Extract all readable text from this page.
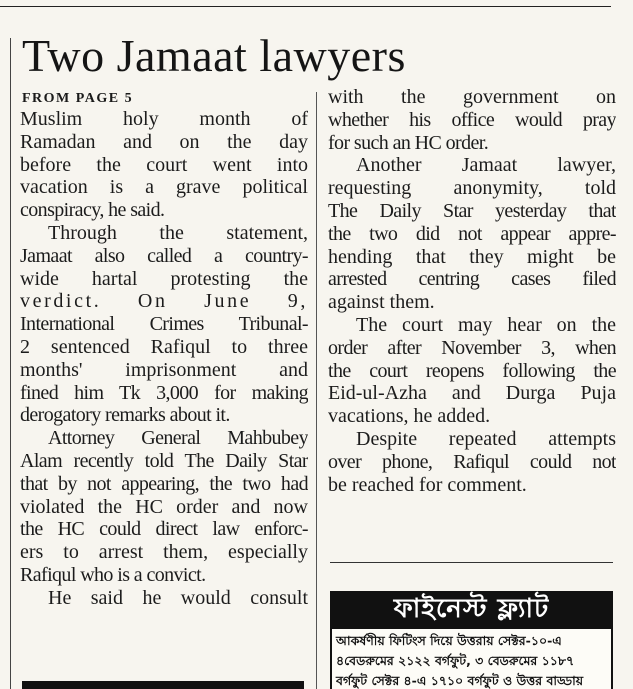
Two Jamaat lawyers
FROM PAGE 5
Muslim holy month of
Ramadan and on the day
before the court went into
vacation is a grave political
conspiracy, he said.
Through the statement,
Jamaat also called a country-
wide hartal protesting the
verdict. On June 9,
International Crimes Tribunal-
2 sentenced Rafiqul to three
months' imprisonment and
fined him Tk 3,000 for making
derogatory remarks about it.
Attorney General Mahbubey
Alam recently told The Daily Star
that by not appearing, the two had
violated the HC order and now
the HC could direct law enforc-
ers to arrest them, especially
Rafiqul who is a convict.
He said he would consult
with the government on
whether his office would pray
for such an HC order.
Another Jamaat lawyer,
requesting anonymity, told
The Daily Star yesterday that
the two did not appear appre-
hending that they might be
arrested centring cases filed
against them.
The court may hear on the
order after November 3, when
the court reopens following the
Eid-ul-Azha and Durga Puja
vacations, he added.
Despite repeated attempts
over phone, Rafiqul could not
be reached for comment.
ফাইনেস্ট ফ্ল্যাট
আকর্ষণীয় ফিটিংস দিয়ে উত্তরায় সেক্টর-১০-এ
৪বেডরুমের ২১২২ বর্গফুট, ৩ বেডরুমের ১১৮৭
বর্গফুট সেক্টর ৪-এ ১৭১০ বর্গফুট ও উত্তর বাড্ডায়
